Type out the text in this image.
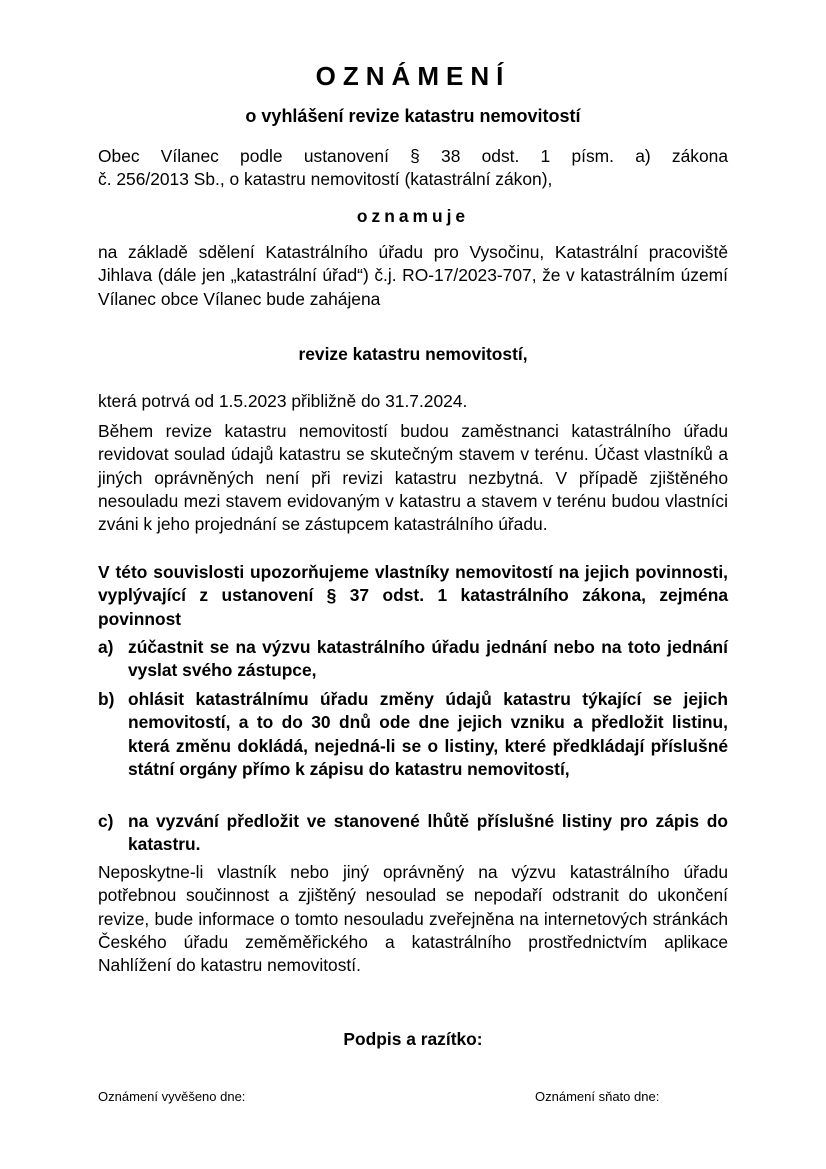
OZNÁMENÍ
o vyhlášení revize katastru nemovitostí
Obec Vílanec podle ustanovení § 38 odst. 1 písm. a) zákona
č. 256/2013 Sb., o katastru nemovitostí (katastrální zákon),
oznamuje
na základě sdělení Katastrálního úřadu pro Vysočinu, Katastrální pracoviště Jihlava (dále jen „katastrální úřad“) č.j. RO-17/2023-707, že v katastrálním území Vílanec obce Vílanec bude zahájena
revize katastru nemovitostí,
která potrvá od 1.5.2023 přibližně do 31.7.2024.
Během revize katastru nemovitostí budou zaměstnanci katastrálního úřadu revidovat soulad údajů katastru se skutečným stavem v terénu. Účast vlastníků a jiných oprávněných není při revizi katastru nezbytná. V případě zjištěného nesouladu mezi stavem evidovaným v katastru a stavem v terénu budou vlastníci zváni k jeho projednání se zástupcem katastrálního úřadu.
V této souvislosti upozorňujeme vlastníky nemovitostí na jejich povinnosti, vyplývající z ustanovení § 37 odst. 1 katastrálního zákona, zejména povinnost
a) zúčastnit se na výzvu katastrálního úřadu jednání nebo na toto jednání vyslat svého zástupce,
b) ohlásit katastrálnímu úřadu změny údajů katastru týkající se jejich nemovitostí, a to do 30 dnů ode dne jejich vzniku a předložit listinu, která změnu dokládá, nejedná-li se o listiny, které předkládají příslušné státní orgány přímo k zápisu do katastru nemovitostí,
c) na vyzvání předložit ve stanovené lhůtě příslušné listiny pro zápis do katastru.
Neposkytne-li vlastník nebo jiný oprávněný na výzvu katastrálního úřadu potřebnou součinnost a zjištěný nesoulad se nepodaří odstranit do ukončení revize, bude informace o tomto nesouladu zveřejněna na internetových stránkách Českého úřadu zeměměřického a katastrálního prostřednictvím aplikace Nahlížení do katastru nemovitostí.
Podpis a razítko:
Oznámení vyvěšeno dne:	Oznámení sňato dne:
